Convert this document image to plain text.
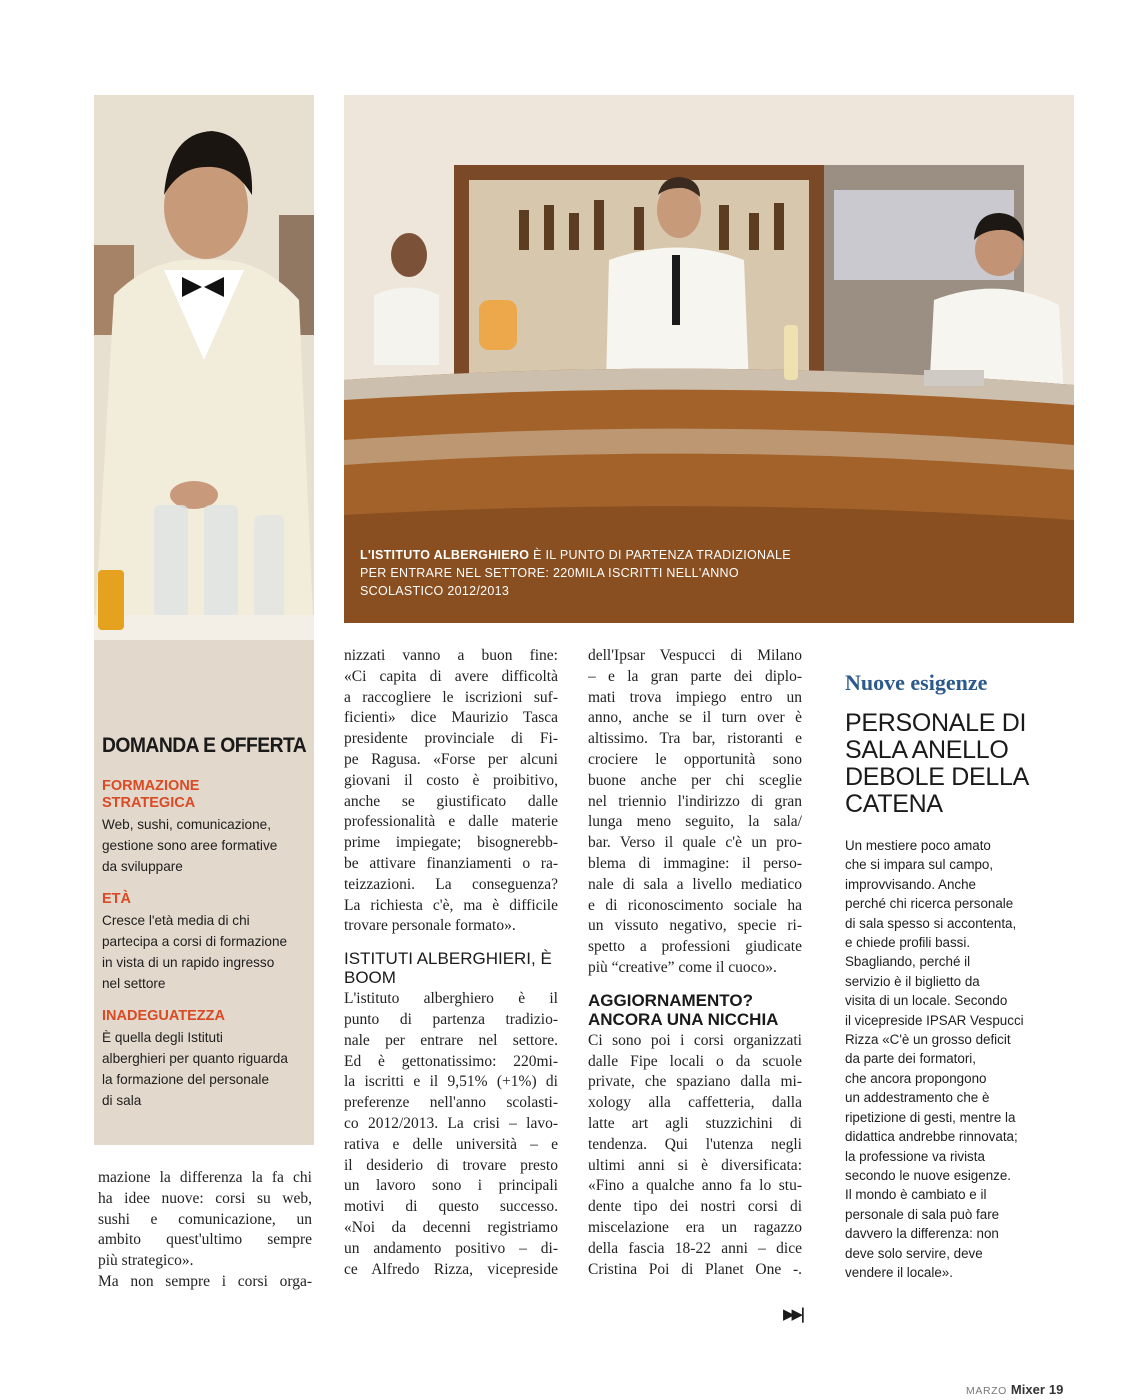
L'ISTITUTO ALBERGHIERO È IL PUNTO DI PARTENZA TRADIZIONALE PER ENTRARE NEL SETTORE: 220MILA ISCRITTI NELL'ANNO SCOLASTICO 2012/2013
DOMANDA E OFFERTA

FORMAZIONE
STRATEGICA

Web, sushi, comunicazione,
gestione sono aree formative
da sviluppare

ETÀ

Cresce l'età media di chi
partecipa a corsi di formazione
in vista di un rapido ingresso
nel settore

INADEGUATEZZA

È quella degli Istituti
alberghieri per quanto riguarda
la formazione del personale
di sala

mazione la differenza la fa chi
ha idee nuove: corsi su web,
sushi e comunicazione, un
ambito quest'ultimo sempre
più strategico».
Ma non sempre i corsi orga-
nizzati vanno a buon fine:
«Ci capita di avere difficoltà
a raccogliere le iscrizioni suf-
ficienti» dice Maurizio Tasca
presidente provinciale di Fi-
pe Ragusa. «Forse per alcuni
giovani il costo è proibitivo,
anche se giustificato dalle
professionalità e dalle materie
prime impiegate; bisognerebb-
be attivare finanziamenti o ra-
teizzazioni. La conseguenza?
La richiesta c'è, ma è difficile
trovare personale formato».
ISTITUTI ALBERGHIERI, È
BOOM
L'istituto alberghiero è il
punto di partenza tradizio-
nale per entrare nel settore.
Ed è gettonatissimo: 220mi-
la iscritti e il 9,51% (+1%) di
preferenze nell'anno scolasti-
co 2012/2013. La crisi – lavo-
rativa e delle università – e
il desiderio di trovare presto
un lavoro sono i principali
motivi di questo successo.
«Noi da decenni registriamo
un andamento positivo – di-
ce Alfredo Rizza, vicepreside
dell'Ipsar Vespucci di Milano
– e la gran parte dei diplo-
mati trova impiego entro un
anno, anche se il turn over è
altissimo. Tra bar, ristoranti e
crociere le opportunità sono
buone anche per chi sceglie
nel triennio l'indirizzo di gran
lunga meno seguito, la sala/
bar. Verso il quale c'è un pro-
blema di immagine: il perso-
nale di sala a livello mediatico
e di riconoscimento sociale ha
un vissuto negativo, specie ri-
spetto a professioni giudicate
più “creative” come il cuoco».
AGGIORNAMENTO?
ANCORA UNA NICCHIA
Ci sono poi i corsi organizzati
dalle Fipe locali o da scuole
private, che spaziano dalla mi-
xology alla caffetteria, dalla
latte art agli stuzzichini di
tendenza. Qui l'utenza negli
ultimi anni si è diversificata:
«Fino a qualche anno fa lo stu-
dente tipo dei nostri corsi di
miscelazione era un ragazzo
della fascia 18-22 anni – dice
Cristina Poi di Planet One -.
▶▶|
Nuove esigenze
PERSONALE DI
SALA ANELLO
DEBOLE DELLA
CATENA
Un mestiere poco amato
che si impara sul campo,
improvvisando. Anche
perché chi ricerca personale
di sala spesso si accontenta,
e chiede profili bassi.
Sbagliando, perché il
servizio è il biglietto da
visita di un locale. Secondo
il vicepreside IPSAR Vespucci
Rizza «C'è un grosso deficit
da parte dei formatori,
che ancora propongono
un addestramento che è
ripetizione di gesti, mentre la
didattica andrebbe rinnovata;
la professione va rivista
secondo le nuove esigenze.
Il mondo è cambiato e il
personale di sala può fare
davvero la differenza: non
deve solo servire, deve
vendere il locale».
MARZO Mixer 19
